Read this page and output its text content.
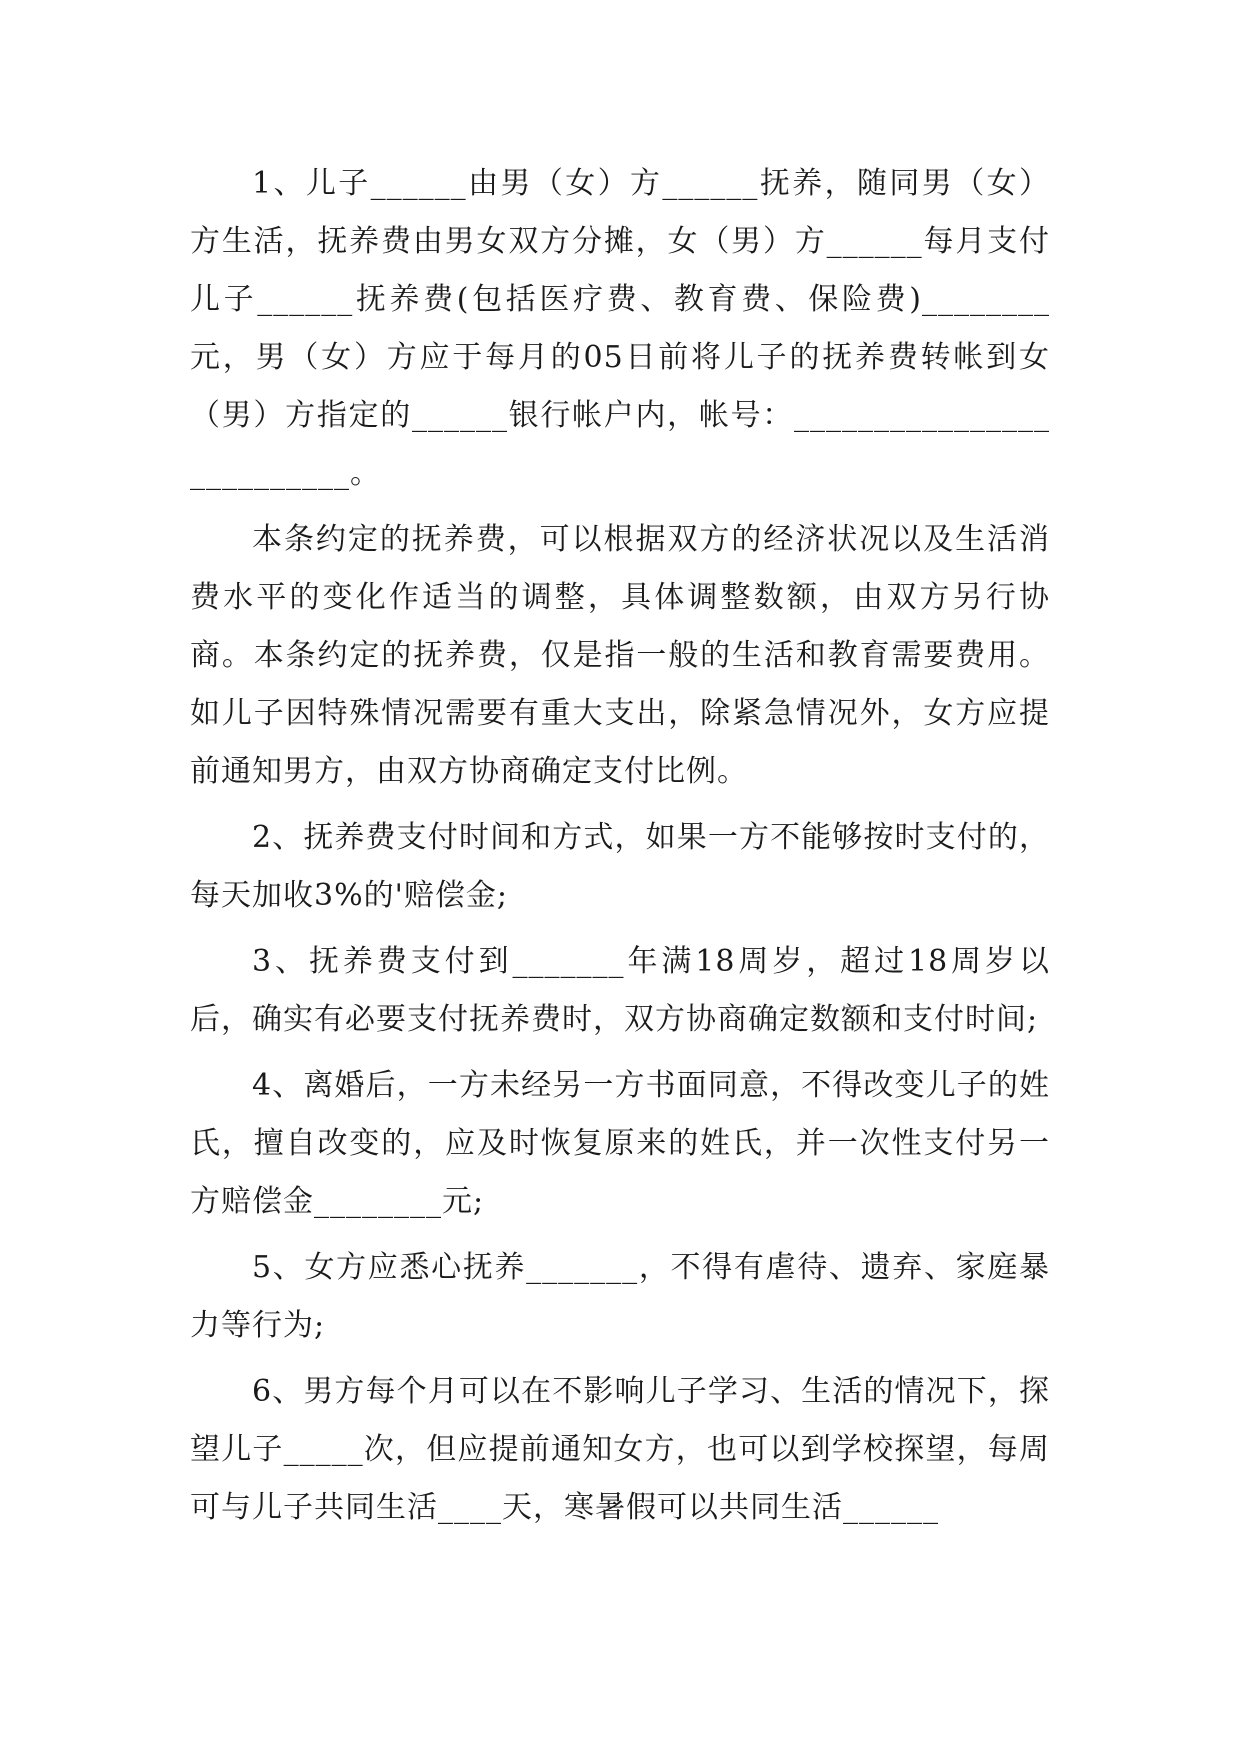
1、儿子______由男（女）方______抚养，随同男（女）方生活，抚养费由男女双方分摊，女（男）方______每月支付儿子______抚养费(包括医疗费、教育费、保险费)________元，男（女）方应于每月的05日前将儿子的抚养费转帐到女（男）方指定的______银行帐户内，帐号：__________________________。

本条约定的抚养费，可以根据双方的经济状况以及生活消费水平的变化作适当的调整，具体调整数额，由双方另行协商。本条约定的抚养费，仅是指一般的生活和教育需要费用。如儿子因特殊情况需要有重大支出，除紧急情况外，女方应提前通知男方，由双方协商确定支付比例。

2、抚养费支付时间和方式，如果一方不能够按时支付的，每天加收3%的'赔偿金;

3、抚养费支付到_______年满18周岁，超过18周岁以后，确实有必要支付抚养费时，双方协商确定数额和支付时间;

4、离婚后，一方未经另一方书面同意，不得改变儿子的姓氏，擅自改变的，应及时恢复原来的姓氏，并一次性支付另一方赔偿金________元;

5、女方应悉心抚养_______，不得有虐待、遗弃、家庭暴力等行为;

6、男方每个月可以在不影响儿子学习、生活的情况下，探望儿子_____次，但应提前通知女方，也可以到学校探望，每周可与儿子共同生活____天，寒暑假可以共同生活______
